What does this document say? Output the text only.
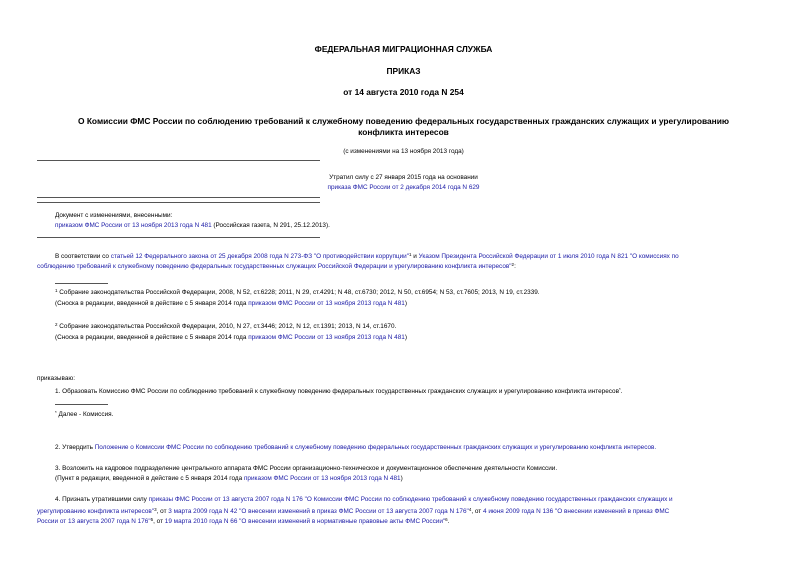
ФЕДЕРАЛЬНАЯ МИГРАЦИОННАЯ СЛУЖБА
ПРИКАЗ
от 14 августа 2010 года N 254
О Комиссии ФМС России по соблюдению требований к служебному поведению федеральных государственных гражданских служащих и урегулированию
конфликта интересов
(с изменениями на 13 ноября 2013 года)
Утратил силу с 27 января 2015 года на основании
приказа ФМС России от 2 декабря 2014 года N 629
Документ с изменениями, внесенными:
приказом ФМС России от 13 ноября 2013 года N 481 (Российская газета, N 291, 25.12.2013).
В соответствии со статьей 12 Федерального закона от 25 декабря 2008 года N 273-ФЗ "О противодействии коррупции"$^1$ и Указом Президента Российской Федерации от 1 июля 2010 года N 821 "О комиссиях по
соблюдению требований к служебному поведению федеральных государственных служащих Российской Федерации и урегулированию конфликта интересов"$^2$:
$^1$ Собрание законодательства Российской Федерации, 2008, N 52, ст.6228; 2011, N 29, ст.4291; N 48, ст.6730; 2012, N 50, ст.6954; N 53, ст.7605; 2013, N 19, ст.2339.
(Сноска в редакции, введенной в действие с 5 января 2014 года приказом ФМС России от 13 ноября 2013 года N 481)
$^2$ Собрание законодательства Российской Федерации, 2010, N 27, ст.3446; 2012, N 12, ст.1391; 2013, N 14, ст.1670.
(Сноска в редакции, введенной в действие с 5 января 2014 года приказом ФМС России от 13 ноября 2013 года N 481)
приказываю:
1. Образовать Комиссию ФМС России по соблюдению требований к служебному поведению федеральных государственных гражданских служащих и урегулированию конфликта интересов*.
* Далее - Комиссия.
2. Утвердить Положение о Комиссии ФМС России по соблюдению требований к служебному поведению федеральных государственных гражданских служащих и урегулированию конфликта интересов.
3. Возложить на кадровое подразделение центрального аппарата ФМС России организационно-техническое и документационное обеспечение деятельности Комиссии.
(Пункт в редакции, введенной в действие с 5 января 2014 года приказом ФМС России от 13 ноября 2013 года N 481)
4. Признать утратившими силу приказы ФМС России от 13 августа 2007 года N 176 "О Комиссии ФМС России по соблюдению требований к служебному поведению государственных гражданских служащих и
урегулированию конфликта интересов"$^3$, от 3 марта 2009 года N 42 "О внесении изменений в приказ ФМС России от 13 августа 2007 года N 176"$^4$, от 4 июня 2009 года N 136 "О внесении изменений в приказ ФМС
России от 13 августа 2007 года N 176"$^5$, от 19 марта 2010 года N 66 "О внесении изменений в нормативные правовые акты ФМС России"$^6$.
